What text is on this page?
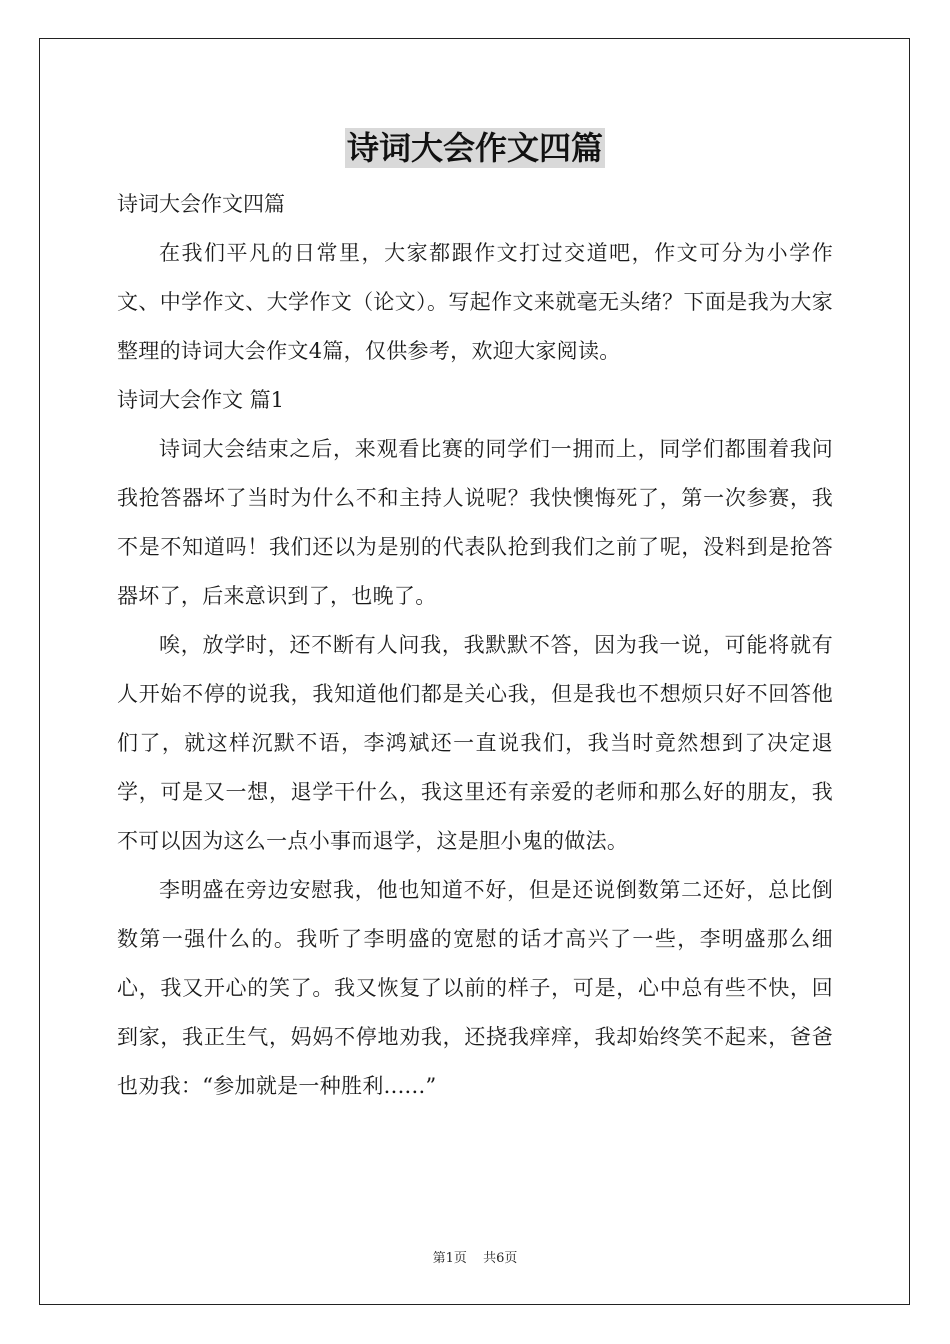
诗词大会作文四篇

诗词大会作文四篇

在我们平凡的日常里，大家都跟作文打过交道吧，作文可分为小学作文、中学作文、大学作文（论文）。写起作文来就毫无头绪？下面是我为大家整理的诗词大会作文4篇，仅供参考，欢迎大家阅读。

诗词大会作文 篇1

诗词大会结束之后，来观看比赛的同学们一拥而上，同学们都围着我问我抢答器坏了当时为什么不和主持人说呢？我快懊悔死了，第一次参赛，我不是不知道吗！我们还以为是别的代表队抢到我们之前了呢，没料到是抢答器坏了，后来意识到了，也晚了。

唉，放学时，还不断有人问我，我默默不答，因为我一说，可能将就有人开始不停的说我，我知道他们都是关心我，但是我也不想烦只好不回答他们了，就这样沉默不语，李鸿斌还一直说我们，我当时竟然想到了决定退学，可是又一想，退学干什么，我这里还有亲爱的老师和那么好的朋友，我不可以因为这么一点小事而退学，这是胆小鬼的做法。

李明盛在旁边安慰我，他也知道不好，但是还说倒数第二还好，总比倒数第一强什么的。我听了李明盛的宽慰的话才高兴了一些，李明盛那么细心，我又开心的笑了。我又恢复了以前的样子，可是，心中总有些不快，回到家，我正生气，妈妈不停地劝我，还挠我痒痒，我却始终笑不起来，爸爸也劝我：“参加就是一种胜利......”

第1页 共6页
